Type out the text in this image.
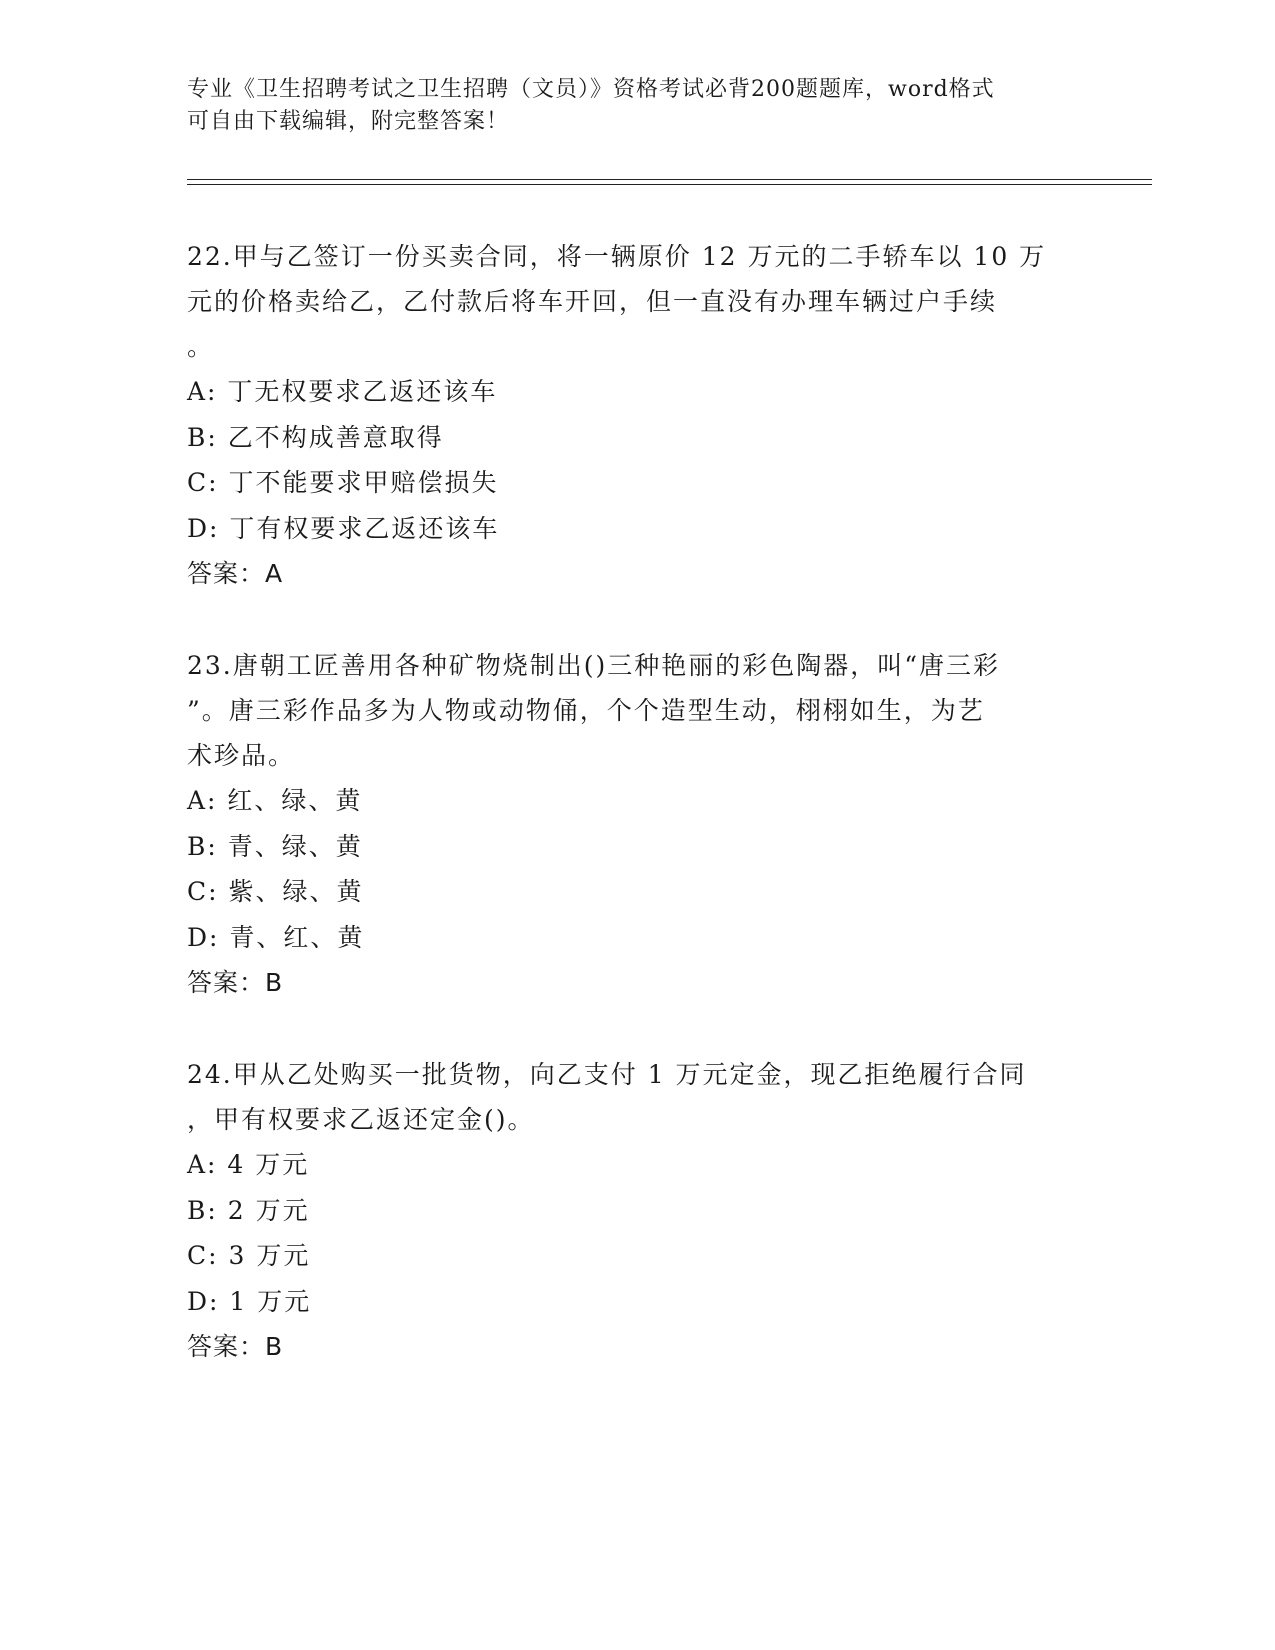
专业《卫生招聘考试之卫生招聘（文员）》资格考试必背200题题库，word格式
可自由下载编辑，附完整答案！
22.甲与乙签订一份买卖合同，将一辆原价 12 万元的二手轿车以 10 万
元的价格卖给乙，乙付款后将车开回，但一直没有办理车辆过户手续
。
A: 丁无权要求乙返还该车
B: 乙不构成善意取得
C: 丁不能要求甲赔偿损失
D: 丁有权要求乙返还该车
答案：A
23.唐朝工匠善用各种矿物烧制出()三种艳丽的彩色陶器，叫“唐三彩
”。唐三彩作品多为人物或动物俑，个个造型生动，栩栩如生，为艺
术珍品。
A: 红、绿、黄
B: 青、绿、黄
C: 紫、绿、黄
D: 青、红、黄
答案：B
24.甲从乙处购买一批货物，向乙支付 1 万元定金，现乙拒绝履行合同
，甲有权要求乙返还定金()。
A: 4 万元
B: 2 万元
C: 3 万元
D: 1 万元
答案：B
